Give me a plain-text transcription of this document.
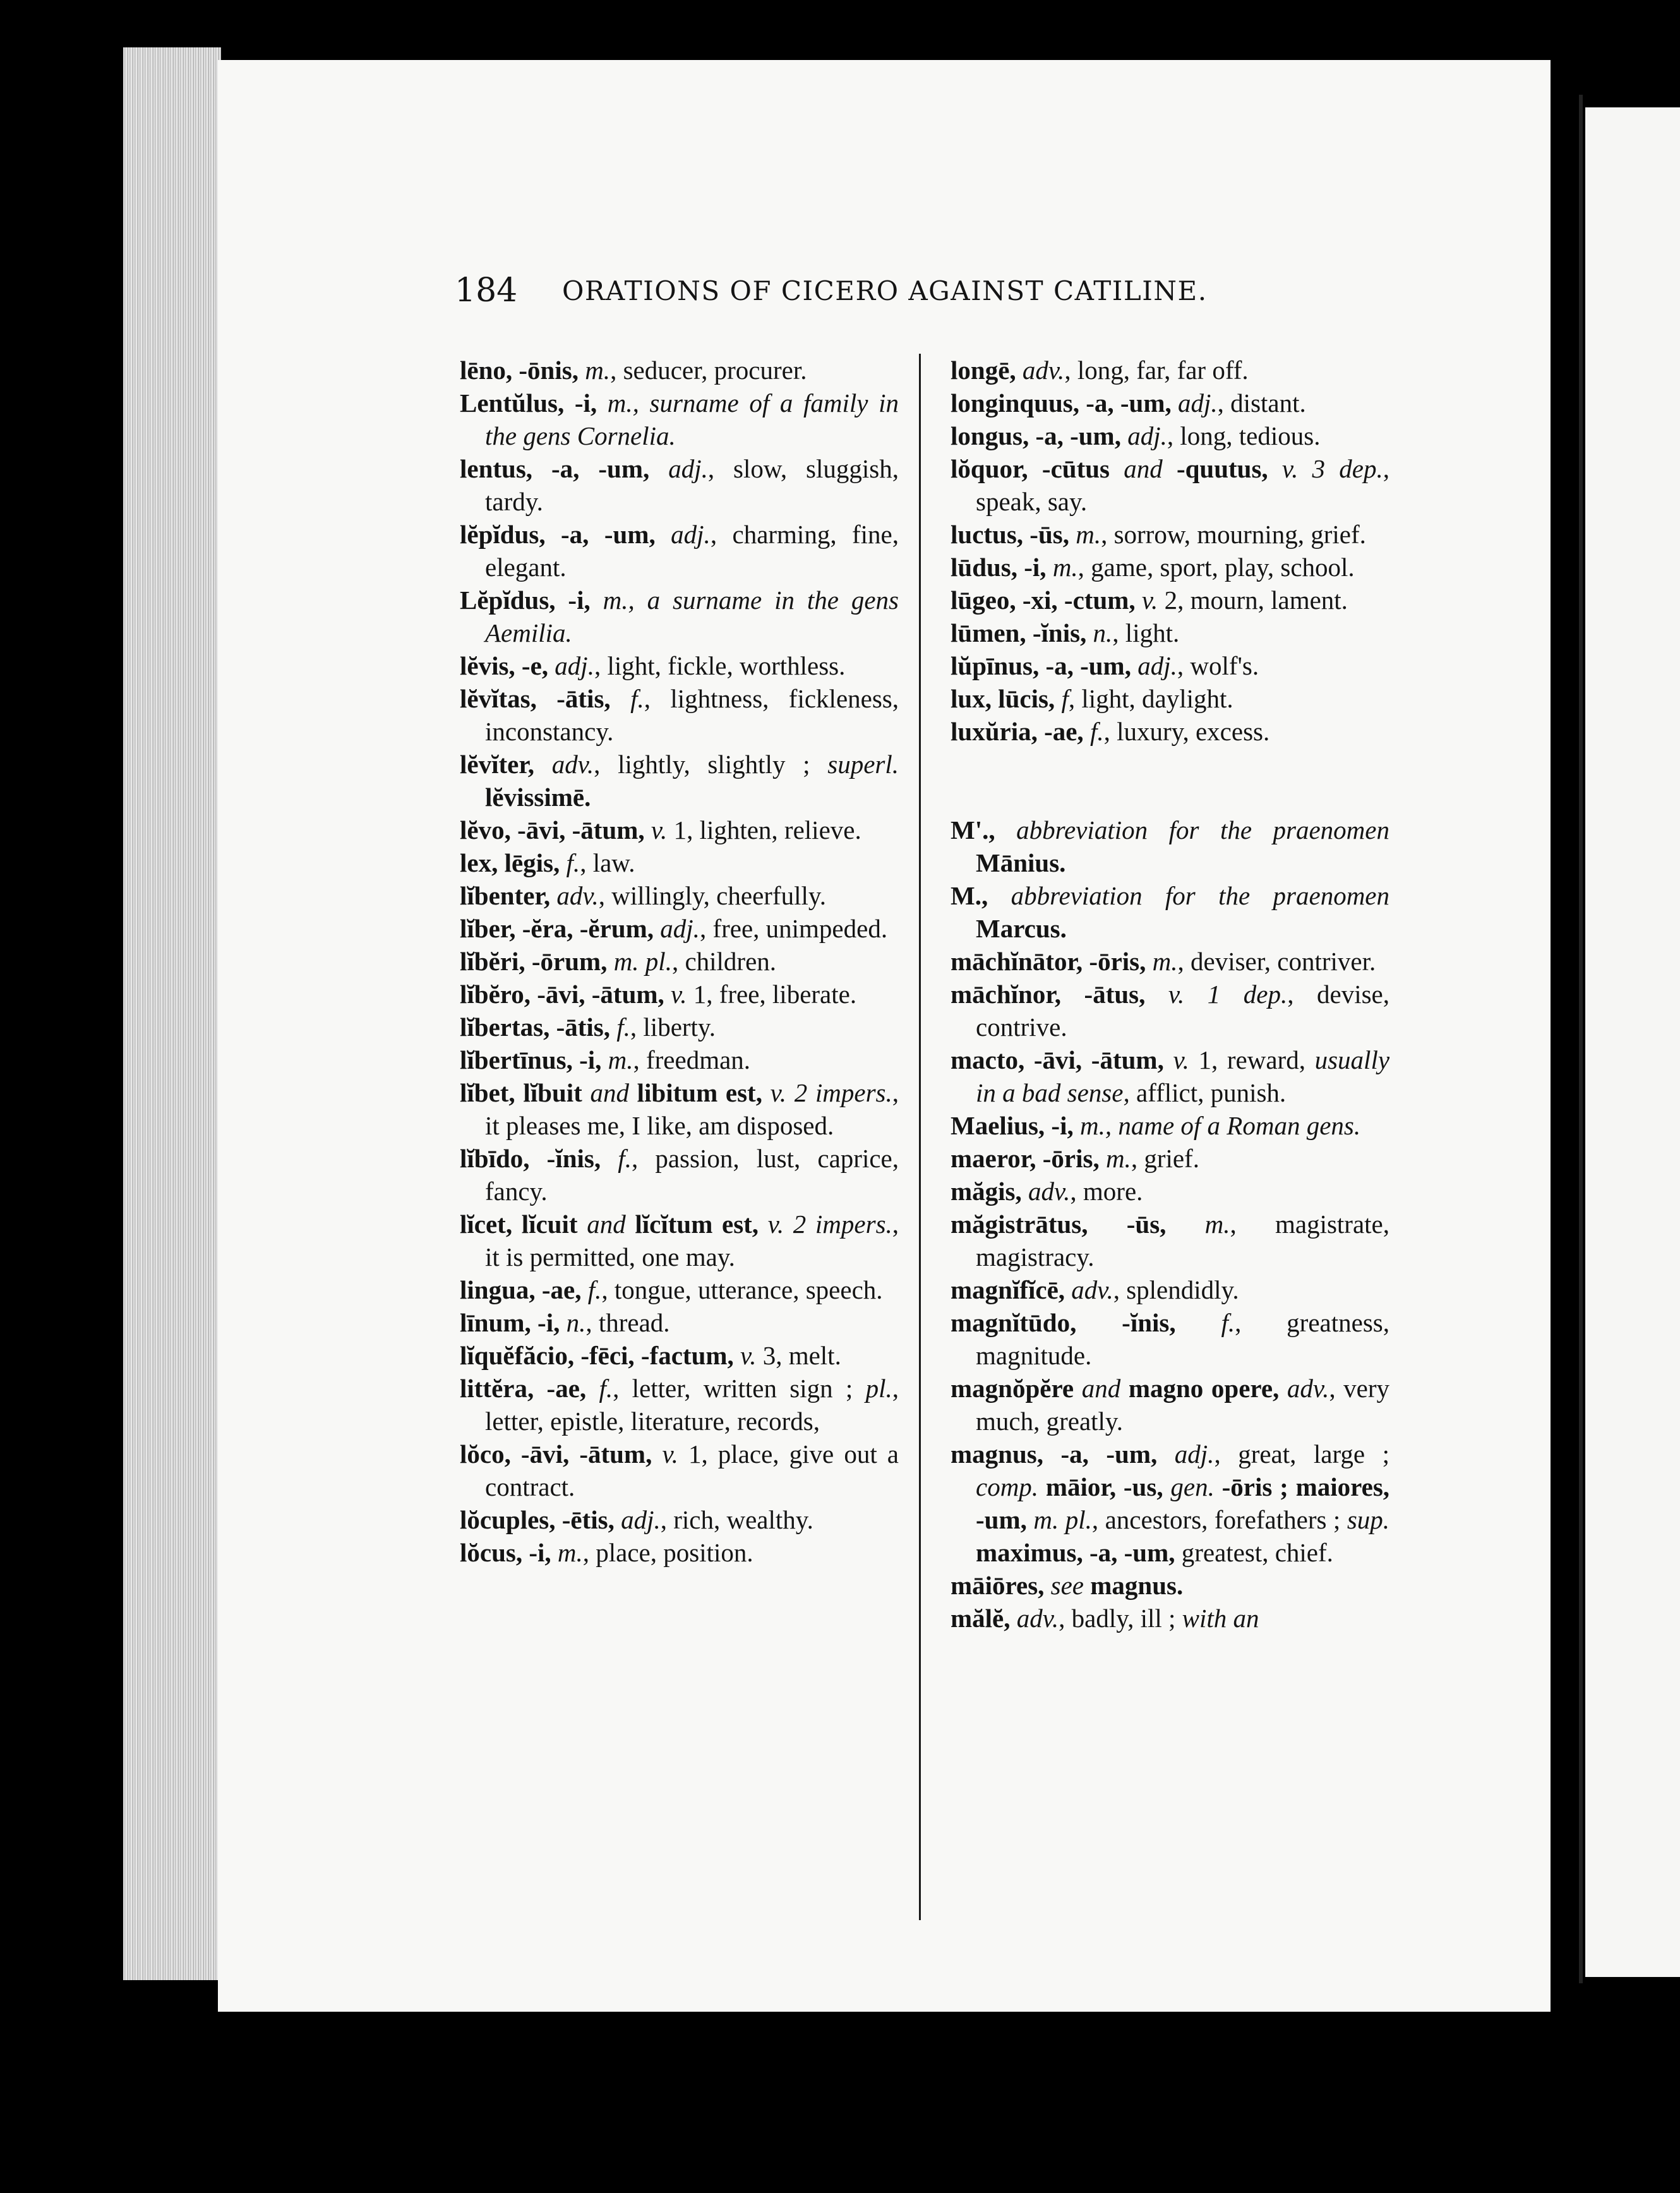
184 ORATIONS OF CICERO AGAINST CATILINE.
lēno, -ōnis, m., seducer, procurer.
Lentŭlus, -i, m., surname of a family in the gens Cornelia.
lentus, -a, -um, adj., slow, sluggish, tardy.
lĕpĭdus, -a, -um, adj., charming, fine, elegant.
Lĕpĭdus, -i, m., a surname in the gens Aemilia.
lĕvis, -e, adj., light, fickle, worthless.
lĕvĭtas, -ātis, f., lightness, fickleness, inconstancy.
lĕvĭter, adv., lightly, slightly ; superl. lĕvissimē.
lĕvo, -āvi, -ātum, v. 1, lighten, relieve.
lex, lēgis, f., law.
lĭbenter, adv., willingly, cheerfully.
lĭber, -ĕra, -ĕrum, adj., free, unimpeded.
lĭbĕri, -ōrum, m. pl., children.
lĭbĕro, -āvi, -ātum, v. 1, free, liberate.
lĭbertas, -ātis, f., liberty.
lĭbertīnus, -i, m., freedman.
lĭbet, lĭbuit and libitum est, v. 2 impers., it pleases me, I like, am disposed.
lĭbīdo, -ĭnis, f., passion, lust, caprice, fancy.
lĭcet, lĭcuit and lĭcĭtum est, v. 2 impers., it is permitted, one may.
lingua, -ae, f., tongue, utterance, speech.
līnum, -i, n., thread.
lĭquĕfăcio, -fēci, -factum, v. 3, melt.
littĕra, -ae, f., letter, written sign ; pl., letter, epistle, literature, records,
lŏco, -āvi, -ātum, v. 1, place, give out a contract.
lŏcuples, -ētis, adj., rich, wealthy.
lŏcus, -i, m., place, position.
longē, adv., long, far, far off.
longinquus, -a, -um, adj., distant.
longus, -a, -um, adj., long, tedious.
lŏquor, -cūtus and -quutus, v. 3 dep., speak, say.
luctus, -ūs, m., sorrow, mourning, grief.
lūdus, -i, m., game, sport, play, school.
lūgeo, -xi, -ctum, v. 2, mourn, lament.
lūmen, -ĭnis, n., light.
lŭpīnus, -a, -um, adj., wolf's.
lux, lūcis, f, light, daylight.
luxŭria, -ae, f., luxury, excess.
M'., abbreviation for the praenomen Mānius.
M., abbreviation for the praenomen Marcus.
māchĭnātor, -ōris, m., deviser, contriver.
māchĭnor, -ātus, v. 1 dep., devise, contrive.
macto, -āvi, -ātum, v. 1, reward, usually in a bad sense, afflict, punish.
Maelius, -i, m., name of a Roman gens.
maeror, -ōris, m., grief.
măgis, adv., more.
măgistrātus, -ūs, m., magistrate, magistracy.
magnĭfĭcē, adv., splendidly.
magnĭtūdo, -ĭnis, f., greatness, magnitude.
magnŏpĕre and magno opere, adv., very much, greatly.
magnus, -a, -um, adj., great, large ; comp. māior, -us, gen. -ōris ; maiores, -um, m. pl., ancestors, forefathers ; sup. maximus, -a, -um, greatest, chief.
māiōres, see magnus.
mălĕ, adv., badly, ill ; with an
